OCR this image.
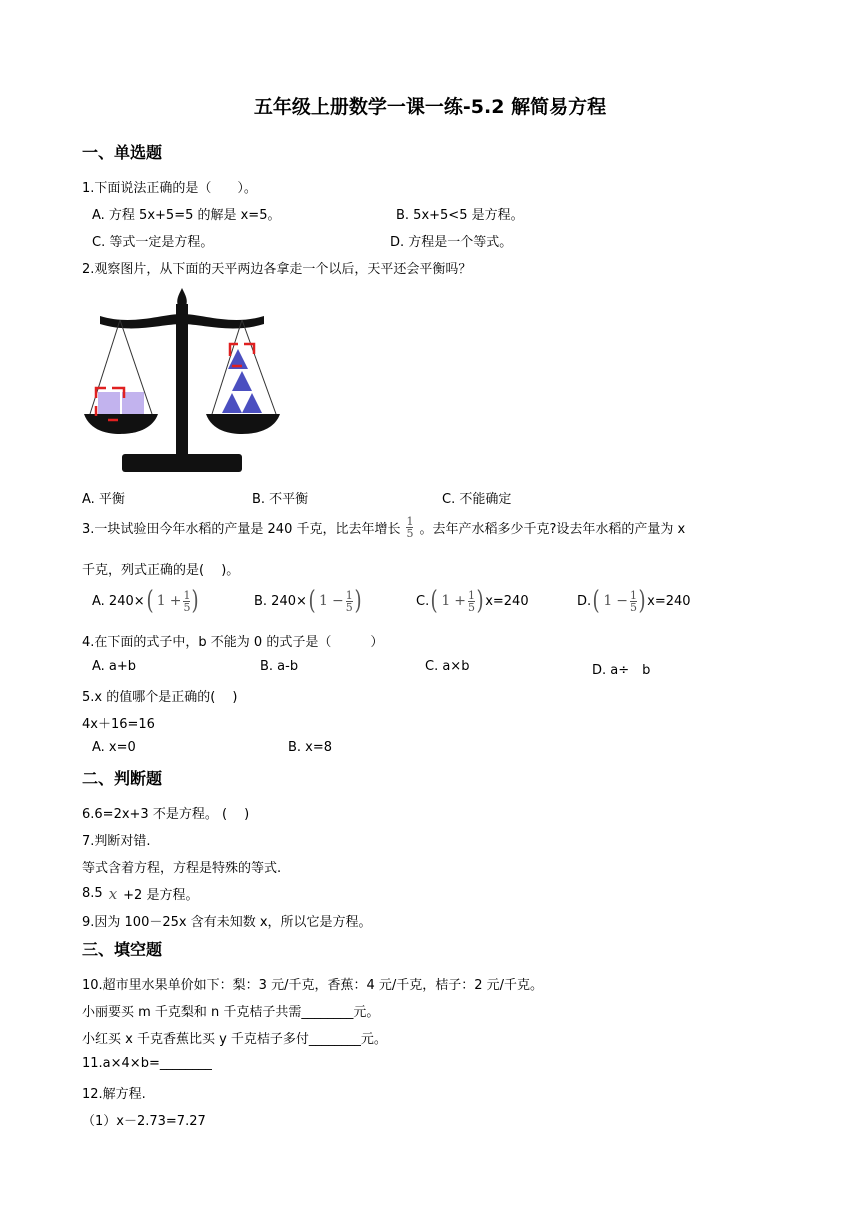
五年级上册数学一课一练-5.2 解简易方程
一、单选题
1.下面说法正确的是（　　）。
A. 方程 5x+5=5 的解是 x=5。	B. 5x+5<5 是方程。
C. 等式一定是方程。	D. 方程是一个等式。
2.观察图片，从下面的天平两边各拿走一个以后，天平还会平衡吗？
A. 平衡	B. 不平衡	C. 不能确定
3.一块试验田今年水稻的产量是 240 千克，比去年增长 $\frac{1}{5}$ 。去年产水稻多少千克?设去年水稻的产量为 x
千克，列式正确的是(　 )。
A. 240× ( $1 + \frac{1}{5}$ )	B. 240× ( $1 - \frac{1}{5}$ )	C. ( $1 + \frac{1}{5}$ ) x=240	D. ( $1 - \frac{1}{5}$ ) x=240
4.在下面的式子中，b 不能为 0 的式子是（　　　）
A. a+b	B. a-b	C. a×b	D. a÷　b
5.x 的值哪个是正确的(　 )
4x＋16=16
A. x=0	B. x=8
二、判断题
6.6=2x+3 不是方程。 (　 )
7.判断对错.
等式含着方程，方程是特殊的等式.
8.5 x +2 是方程。
9.因为 100－25x 含有未知数 x，所以它是方程。
三、填空题
10.超市里水果单价如下：梨：3 元/千克，香蕉：4 元/千克，桔子：2 元/千克。
小丽要买 m 千克梨和 n 千克桔子共需________元。
小红买 x 千克香蕉比买 y 千克桔子多付________元。
11.a×4×b=________
12.解方程.
（1）x－2.73=7.27
